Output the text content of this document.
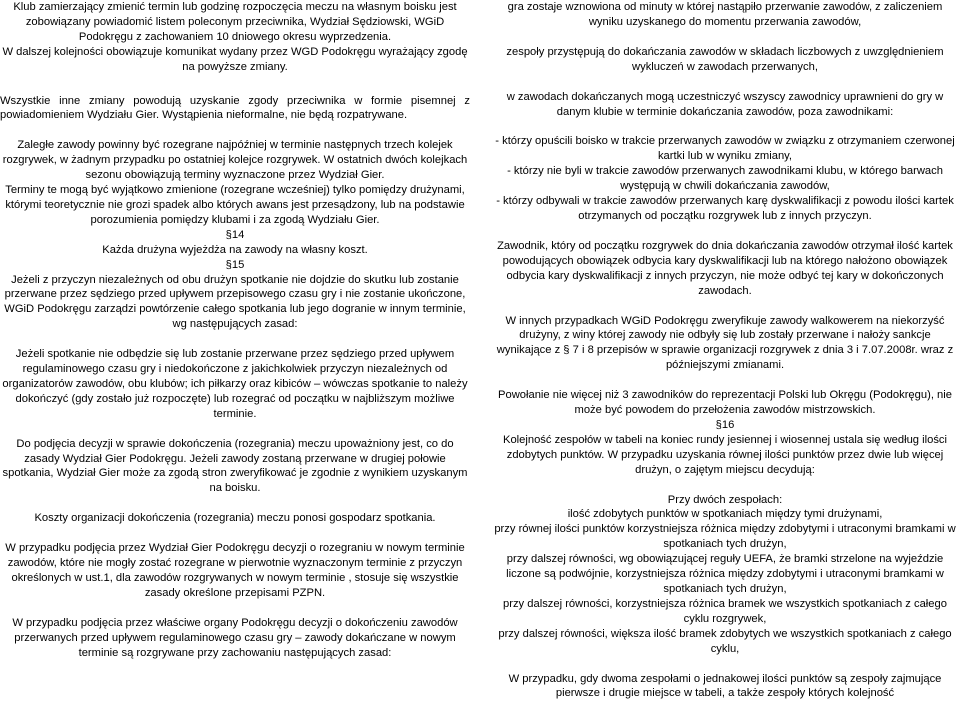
Klub zamierzający zmienić termin lub godzinę rozpoczęcia meczu na własnym boisku jest zobowiązany powiadomić listem poleconym przeciwnika, Wydział Sędziowski, WGiD Podokręgu z zachowaniem 10 dniowego okresu wyprzedzenia.

W dalszej kolejności obowiązuje komunikat wydany przez WGD Podokręgu wyrażający zgodę na powyższe zmiany.

Wszystkie inne zmiany powodują uzyskanie zgody przeciwnika w formie pisemnej z powiadomieniem Wydziału Gier. Wystąpienia nieformalne, nie będą rozpatrywane.

Zaległe zawody powinny być rozegrane najpóźniej w terminie następnych trzech kolejek rozgrywek, w żadnym przypadku po ostatniej kolejce rozgrywek. W ostatnich dwóch kolejkach sezonu obowiązują terminy wyznaczone przez Wydział Gier.

Terminy te mogą być wyjątkowo zmienione (rozegrane wcześniej) tylko pomiędzy drużynami, którymi teoretycznie nie grozi spadek albo których awans jest przesądzony, lub na podstawie porozumienia pomiędzy klubami i za zgodą Wydziału Gier.

§14

Każda drużyna wyjeżdża na zawody na własny koszt.

§15

Jeżeli z przyczyn niezależnych od obu drużyn spotkanie nie dojdzie do skutku lub zostanie przerwane przez sędziego przed upływem przepisowego czasu gry i nie zostanie ukończone, WGiD Podokręgu zarządzi powtórzenie całego spotkania lub jego dogranie w innym terminie, wg następujących zasad:

Jeżeli spotkanie nie odbędzie się lub zostanie przerwane przez sędziego przed upływem regulaminowego czasu gry i niedokończone z jakichkolwiek przyczyn niezależnych od organizatorów zawodów, obu klubów; ich piłkarzy oraz kibiców – wówczas spotkanie to należy dokończyć (gdy zostało już rozpoczęte) lub rozegrać od początku w najbliższym możliwe terminie.

Do podjęcia decyzji w sprawie dokończenia (rozegrania) meczu upoważniony jest, co do zasady Wydział Gier Podokręgu. Jeżeli zawody zostaną przerwane w drugiej połowie spotkania, Wydział Gier może za zgodą stron zweryfikować je zgodnie z wynikiem uzyskanym na boisku.

Koszty organizacji dokończenia (rozegrania) meczu ponosi gospodarz spotkania.

W przypadku podjęcia przez Wydział Gier Podokręgu decyzji o rozegraniu w nowym terminie zawodów, które nie mogły zostać rozegrane w pierwotnie wyznaczonym terminie z przyczyn określonych w ust.1, dla zawodów rozgrywanych w nowym terminie , stosuje się wszystkie zasady określone przepisami PZPN.

W przypadku podjęcia przez właściwe organy Podokręgu decyzji o dokończeniu zawodów przerwanych przed upływem regulaminowego czasu gry – zawody dokańczane w nowym terminie są rozgrywane przy zachowaniu następujących zasad:

gra zostaje wznowiona od minuty w której nastąpiło przerwanie zawodów, z zaliczeniem wyniku uzyskanego do momentu przerwania zawodów,

zespoły przystępują do dokańczania zawodów w składach liczbowych z uwzględnieniem wykluczeń w zawodach przerwanych,

w zawodach dokańczanych mogą uczestniczyć wszyscy zawodnicy uprawnieni do gry w danym klubie w terminie dokańczania zawodów, poza zawodnikami:

- którzy opuścili boisko w trakcie przerwanych zawodów w związku z otrzymaniem czerwonej kartki lub w wyniku zmiany,

- którzy nie byli w trakcie zawodów przerwanych zawodnikami klubu, w którego barwach występują w chwili dokańczania zawodów,

- którzy odbywali w trakcie zawodów przerwanych karę dyskwalifikacji z powodu ilości kartek otrzymanych od początku rozgrywek lub z innych przyczyn.

Zawodnik, który od początku rozgrywek do dnia dokańczania zawodów otrzymał ilość kartek powodujących obowiązek odbycia kary dyskwalifikacji lub na którego nałożono obowiązek odbycia kary dyskwalifikacji z innych przyczyn, nie może odbyć tej kary w dokończonych zawodach.

W innych przypadkach WGiD Podokręgu zweryfikuje zawody walkowerem na niekorzyść drużyny, z winy której zawody nie odbyły się lub zostały przerwane i nałoży sankcje wynikające z § 7 i 8 przepisów w sprawie organizacji rozgrywek z dnia 3 i 7.07.2008r. wraz z późniejszymi zmianami.

Powołanie nie więcej niż 3 zawodników do reprezentacji Polski lub Okręgu (Podokręgu), nie może być powodem do przełożenia zawodów mistrzowskich.

§16

Kolejność zespołów w tabeli na koniec rundy jesiennej i wiosennej ustala się według ilości zdobytych punktów. W przypadku uzyskania równej ilości punktów przez dwie lub więcej drużyn, o zajętym miejscu decydują:

Przy dwóch zespołach:

ilość zdobytych punktów w spotkaniach między tymi drużynami,

przy równej ilości punktów korzystniejsza różnica między zdobytymi i utraconymi bramkami w spotkaniach tych drużyn,

przy dalszej równości, wg obowiązującej reguły UEFA, że bramki strzelone na wyjeździe liczone są podwójnie, korzystniejsza różnica między zdobytymi i utraconymi bramkami w spotkaniach tych drużyn,

przy dalszej równości, korzystniejsza różnica bramek we wszystkich spotkaniach z całego cyklu rozgrywek,

przy dalszej równości, większa ilość bramek zdobytych we wszystkich spotkaniach z całego cyklu,

W przypadku, gdy dwoma zespołami o jednakowej ilości punktów są zespoły zajmujące pierwsze i drugie miejsce w tabeli, a także zespoły których kolejność
